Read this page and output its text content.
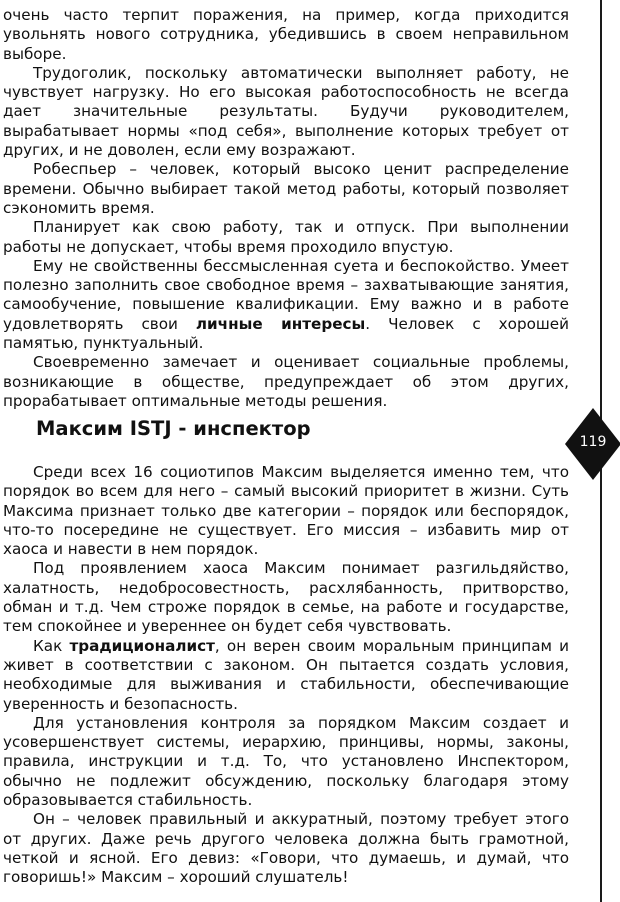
очень часто терпит поражения, на пример, когда приходится увольнять нового сотрудника, убедившись в своем неправильном выборе.

Трудоголик, поскольку автоматически выполняет работу, не чувствует нагрузку. Но его высокая работоспособность не всегда дает значительные результаты. Будучи руководителем, вырабатывает нормы «под себя», выполнение которых требует от других, и не доволен, если ему возражают.

Робеспьер – человек, который высоко ценит распределение времени. Обычно выбирает такой метод работы, который позволяет сэкономить время.

Планирует как свою работу, так и отпуск. При выполнении работы не допускает, чтобы время проходило впустую.

Ему не свойственны бессмысленная суета и беспокойство. Умеет полезно заполнить свое свободное время – захватывающие занятия, самообучение, повышение квалификации. Ему важно и в работе удовлетворять свои личные интересы. Человек с хорошей памятью, пунктуальный.

Своевременно замечает и оценивает социальные проблемы, возникающие в обществе, предупреждает об этом других, прорабатывает оптимальные методы решения.

Максим ISTJ - инспектор
119

Среди всех 16 социотипов Максим выделяется именно тем, что порядок во всем для него – самый высокий приоритет в жизни. Суть Максима признает только две категории – порядок или беспорядок, что-то посередине не существует. Его миссия – избавить мир от хаоса и навести в нем порядок.

Под проявлением хаоса Максим понимает разгильдяйство, халатность, недобросовестность, расхлябанность, притворство, обман и т.д. Чем строже порядок в семье, на работе и государстве, тем спокойнее и увереннее он будет себя чувствовать.

Как традиционалист, он верен своим моральным принципам и живет в соответствии с законом. Он пытается создать условия, необходимые для выживания и стабильности, обеспечивающие уверенность и безопасность.

Для установления контроля за порядком Максим создает и усовершенствует системы, иерархию, принцивы, нормы, законы, правила, инструкции и т.д. То, что установлено Инспектором, обычно не подлежит обсуждению, поскольку благодаря этому образовывается стабильность.

Он – человек правильный и аккуратный, поэтому требует этого от других. Даже речь другого человека должна быть грамотной, четкой и ясной. Его девиз: «Говори, что думаешь, и думай, что говоришь!» Максим – хороший слушатель!
